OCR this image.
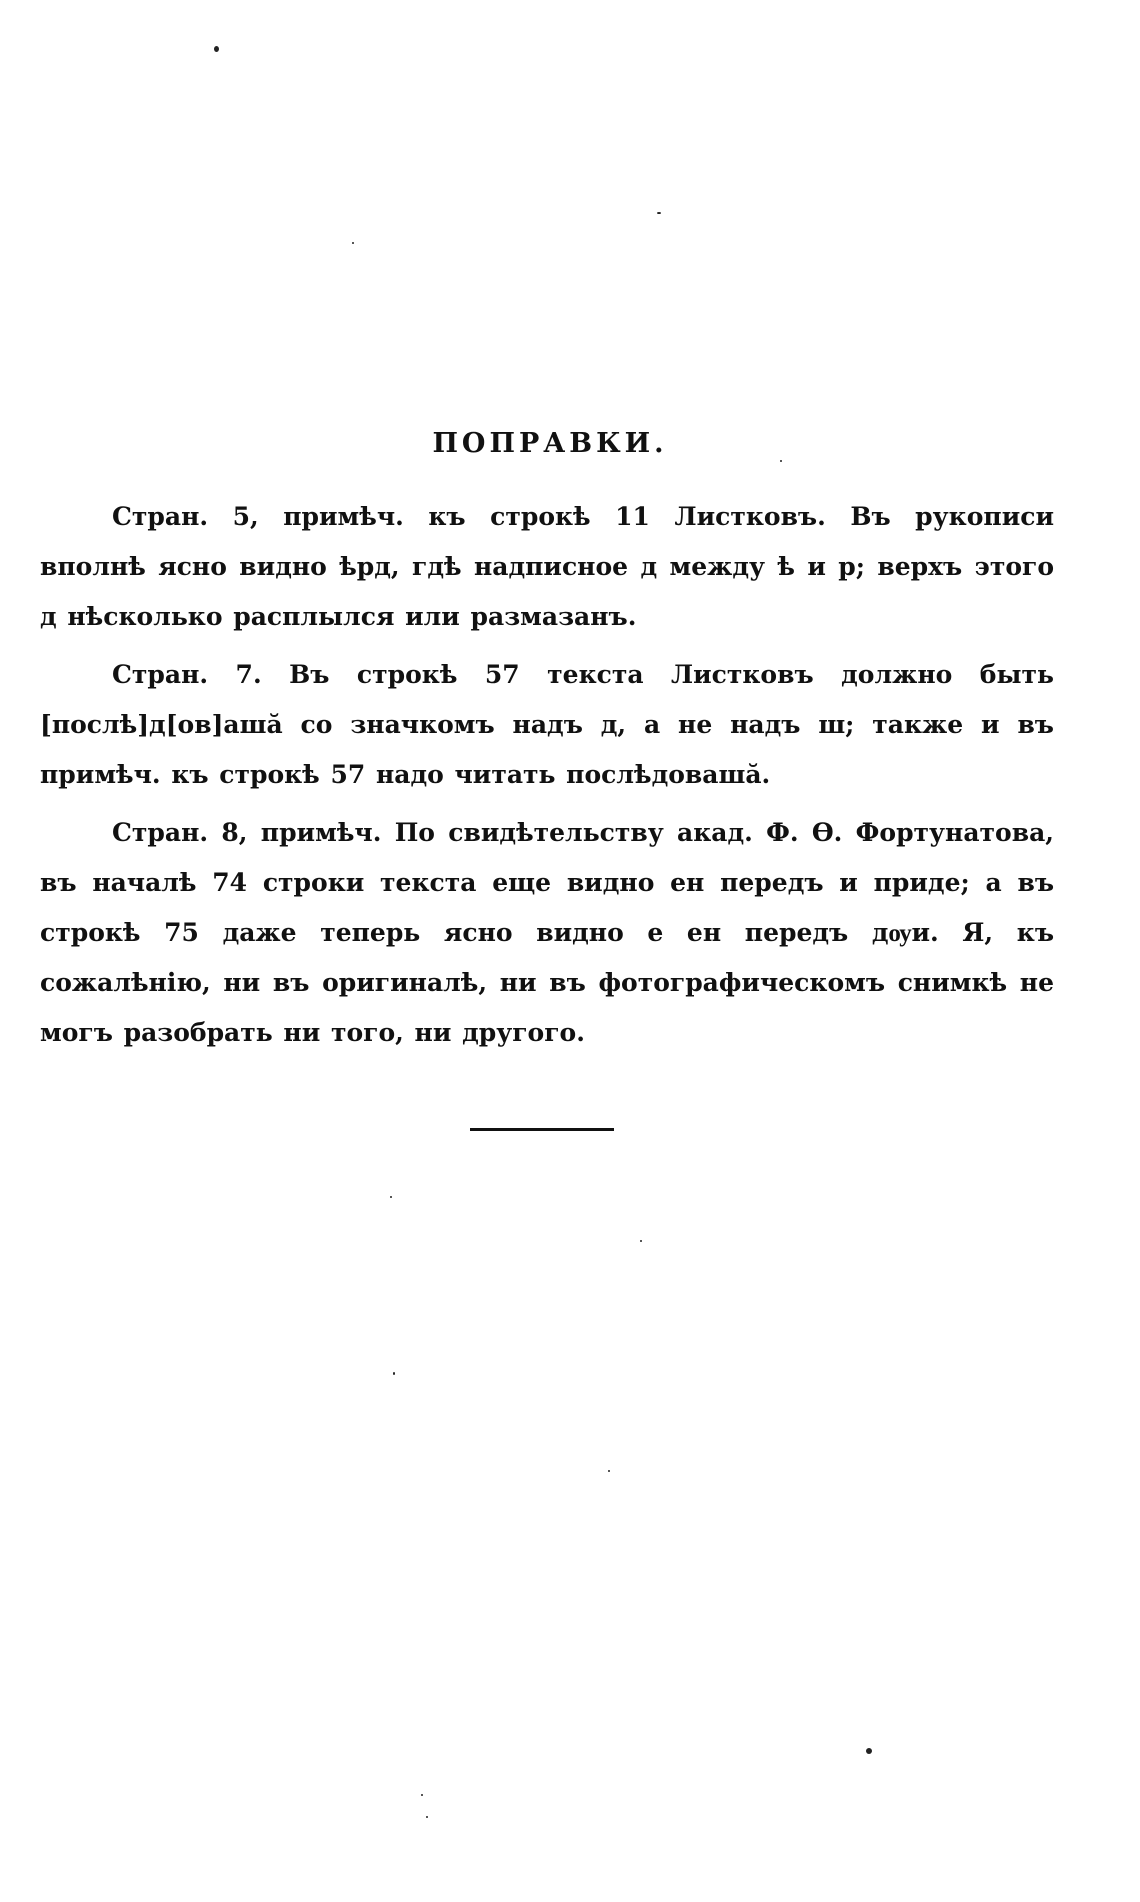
ПОПРАВКИ.

Стран. 5, примѣч. къ строкѣ 11 Листковъ. Въ рукописи вполнѣ ясно видно ѣрд, гдѣ надписное д между ѣ и р; верхъ этого д нѣсколько расплылся или размазанъ.

Стран. 7. Въ строкѣ 57 текста Листковъ должно быть [послѣ]д[ов]ашӑ со значкомъ надъ д, а не надъ ш; также и въ примѣч. къ строкѣ 57 надо читать послѣдовашӑ.

Стран. 8, примѣч. По свидѣтельству акад. Ф. Ѳ. Фортунатова, въ началѣ 74 строки текста еще видно ен передъ и приде; а въ строкѣ 75 даже теперь ясно видно е ен передъ дѹи. Я, къ сожалѣнію, ни въ оригиналѣ, ни въ фотографическомъ снимкѣ не могъ разобрать ни того, ни другого.
